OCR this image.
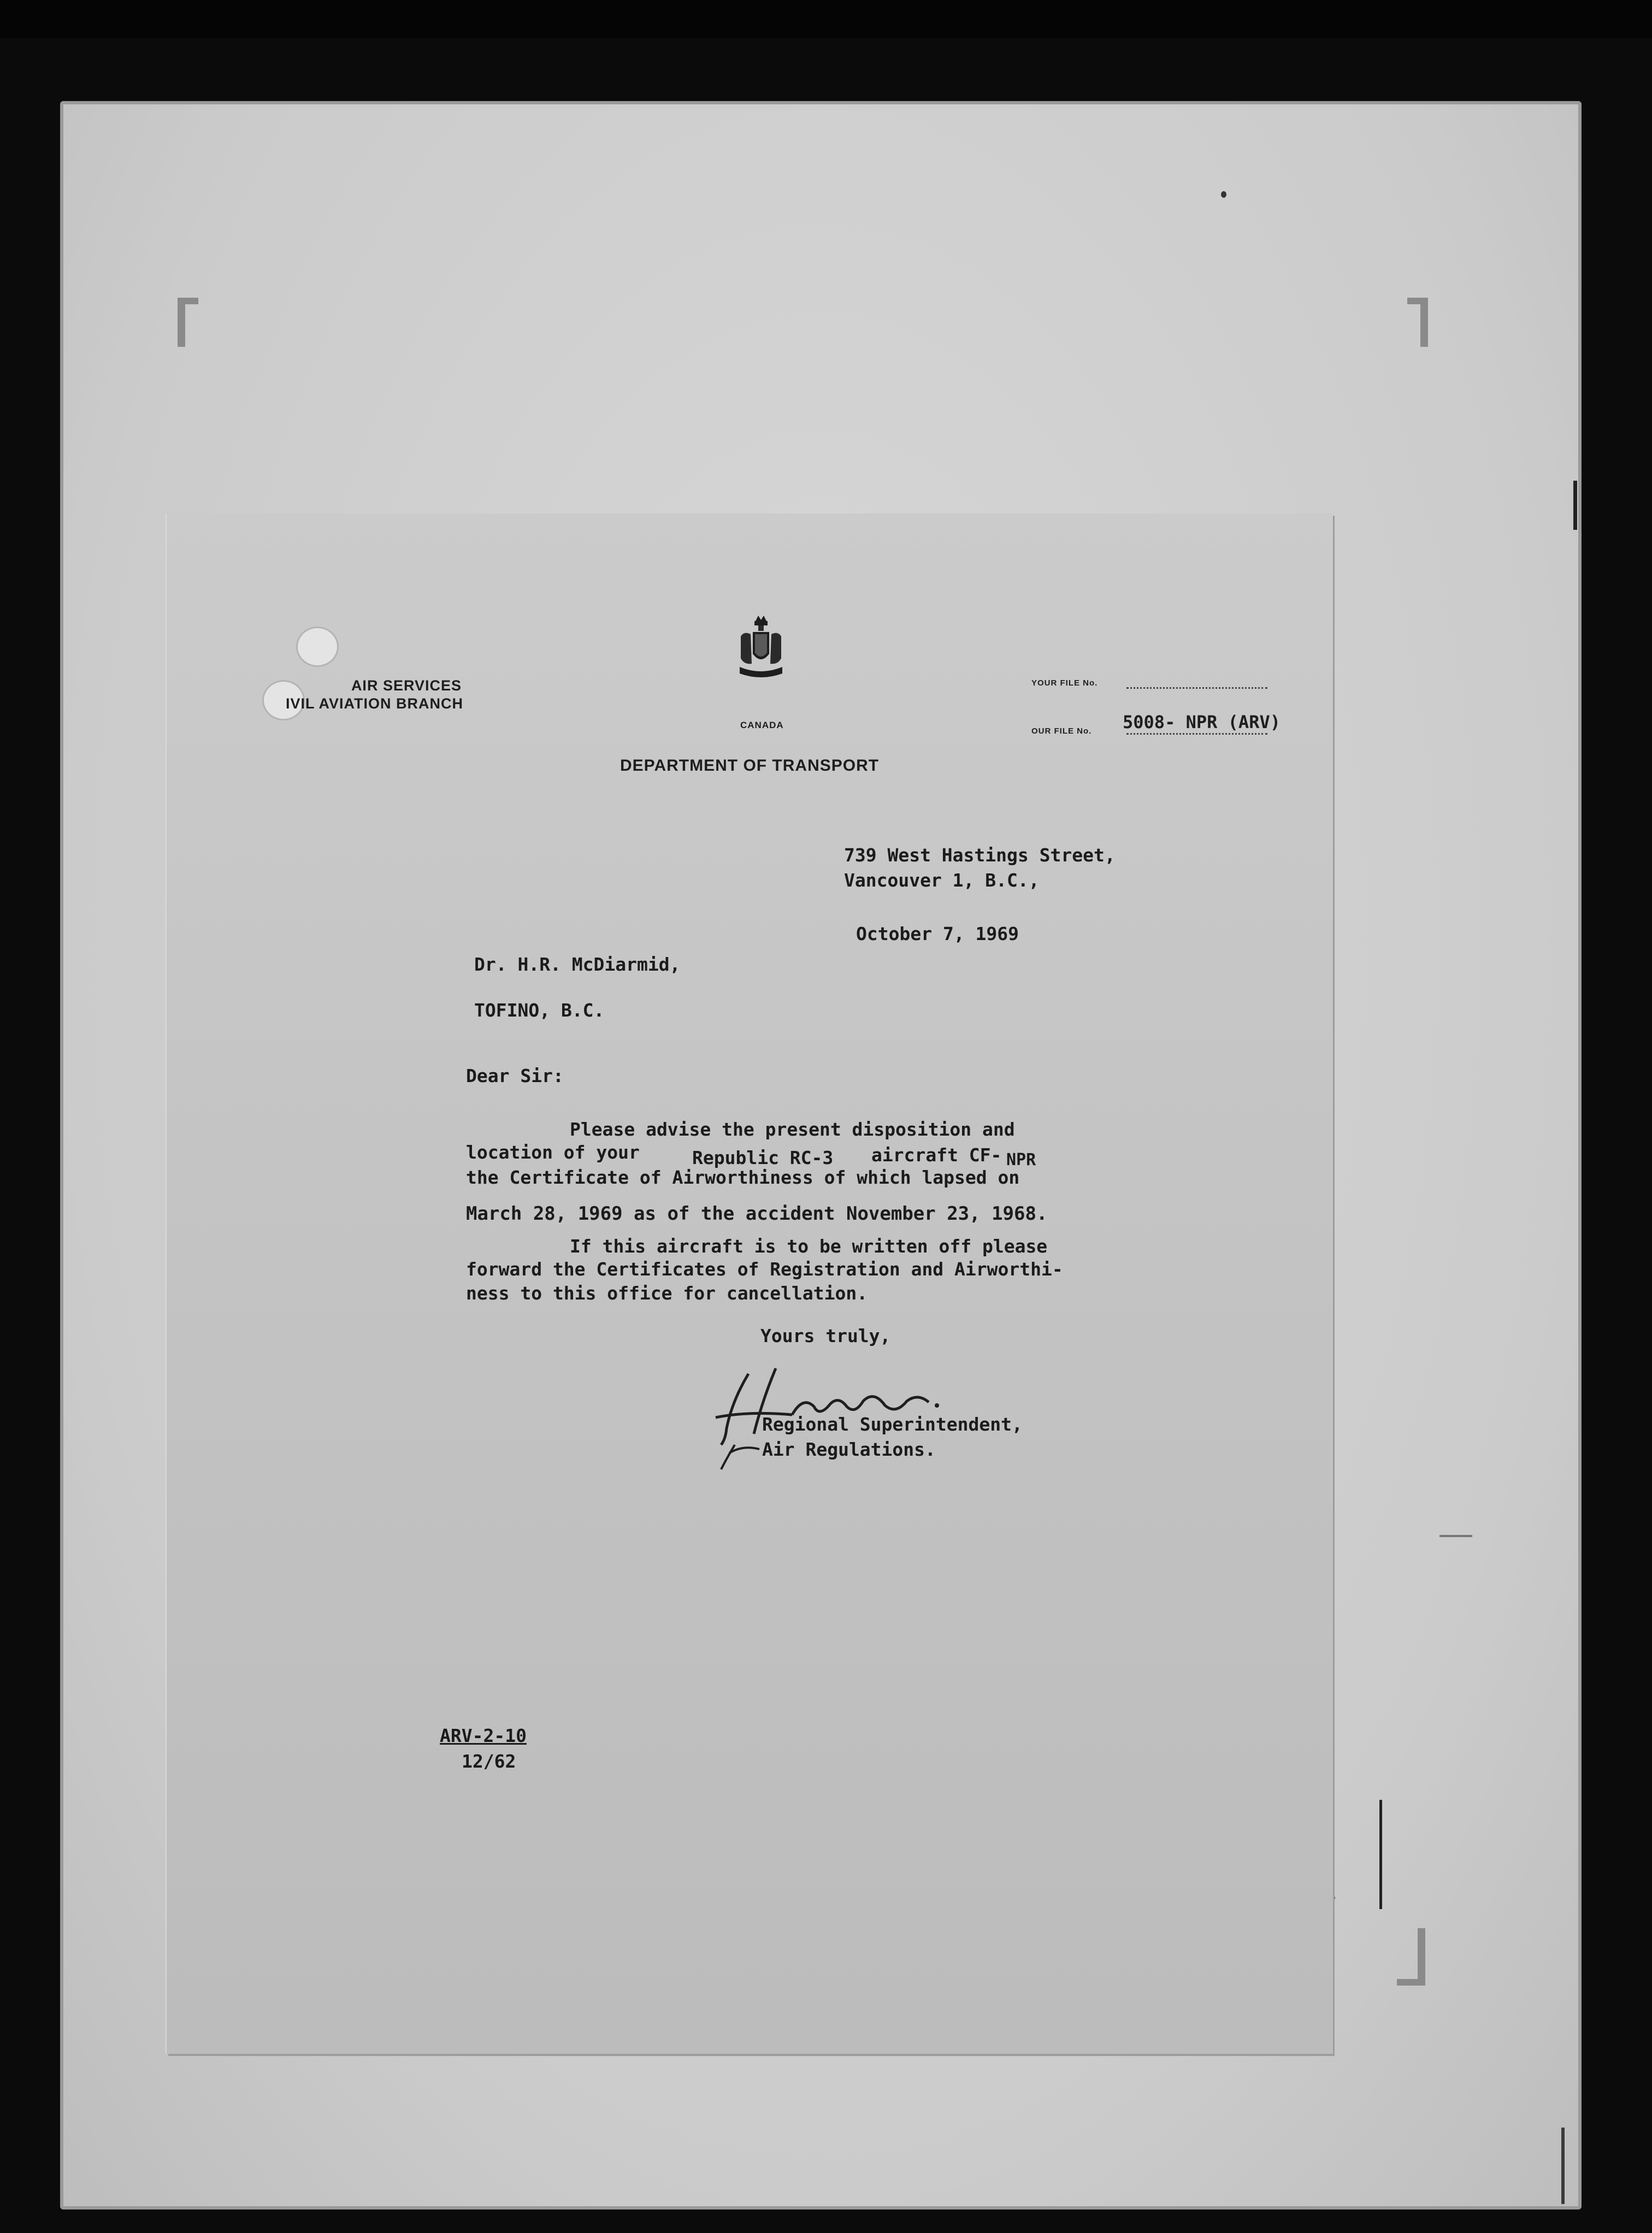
AIR SERVICES
IVIL AVIATION BRANCH
CANADA
DEPARTMENT OF TRANSPORT
YOUR FILE No.
OUR FILE No. 5008- NPR (ARV)
739 West Hastings Street,
Vancouver 1, B.C.,
October 7, 1969
Dr. H.R. McDiarmid,
TOFINO, B.C.
Dear Sir:
Please advise the present disposition and
location of your	Republic RC-3 aircraft CF- NPR
the Certificate of Airworthiness of which lapsed on
March 28, 1969 as of the accident November 23, 1968.
If this aircraft is to be written off please
forward the Certificates of Registration and Airworthi-
ness to this office for cancellation.
Yours truly,
Regional Superintendent,
Air Regulations.
ARV-2-10
12/62
